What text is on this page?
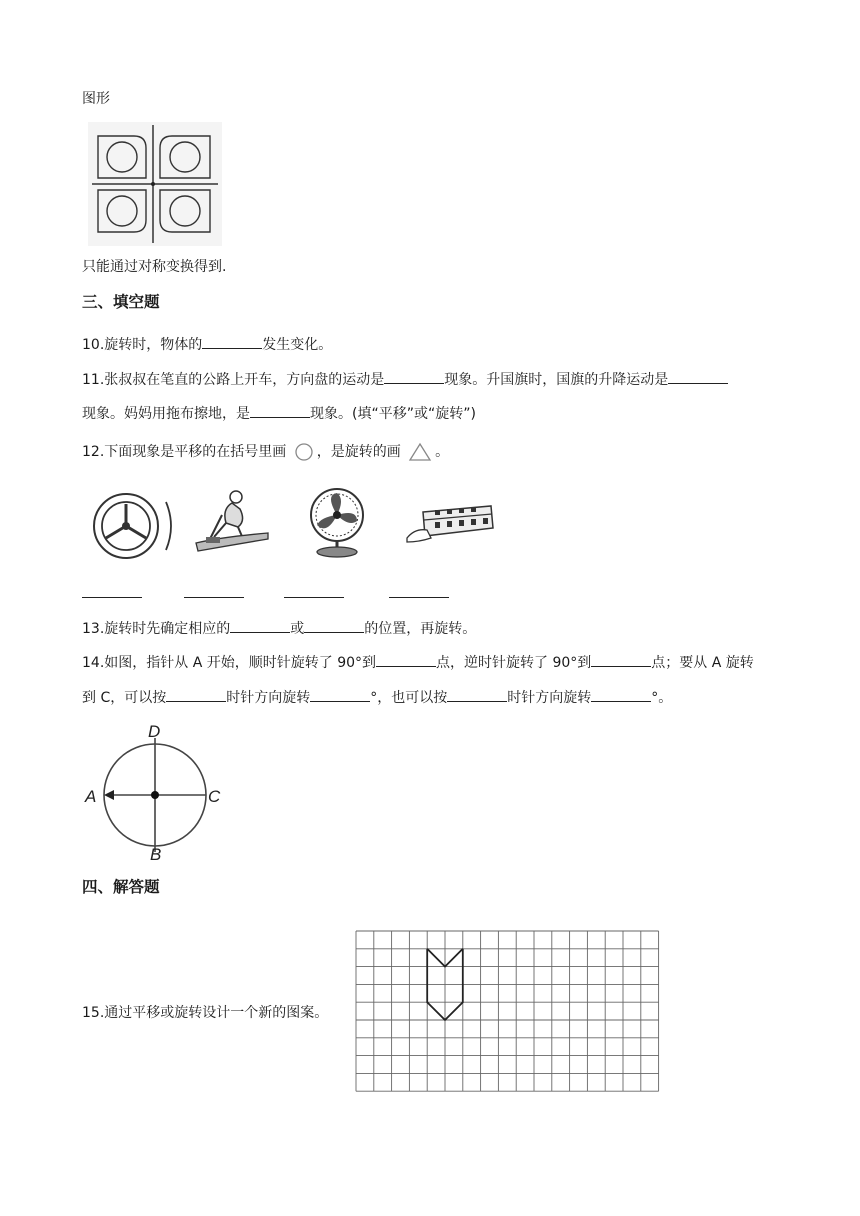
图形
只能通过对称变换得到.
三、填空题
10.旋转时，物体的	发生变化。
11.张叔叔在笔直的公路上开车，方向盘的运动是	现象。升国旗时，国旗的升降运动是
现象。妈妈用拖布擦地，是	现象。(填“平移”或“旋转”)
12.下面现象是平移的在括号里画 ，是旋转的画 。
13.旋转时先确定相应的	或	的位置，再旋转。
14.如图，指针从 A 开始，顺时针旋转了 90°到	点，逆时针旋转了 90°到	点；要从 A 旋转
到 C，可以按	时针方向旋转	°，也可以按	时针方向旋转	°。
D
A	C
B
四、解答题
15.通过平移或旋转设计一个新的图案。
